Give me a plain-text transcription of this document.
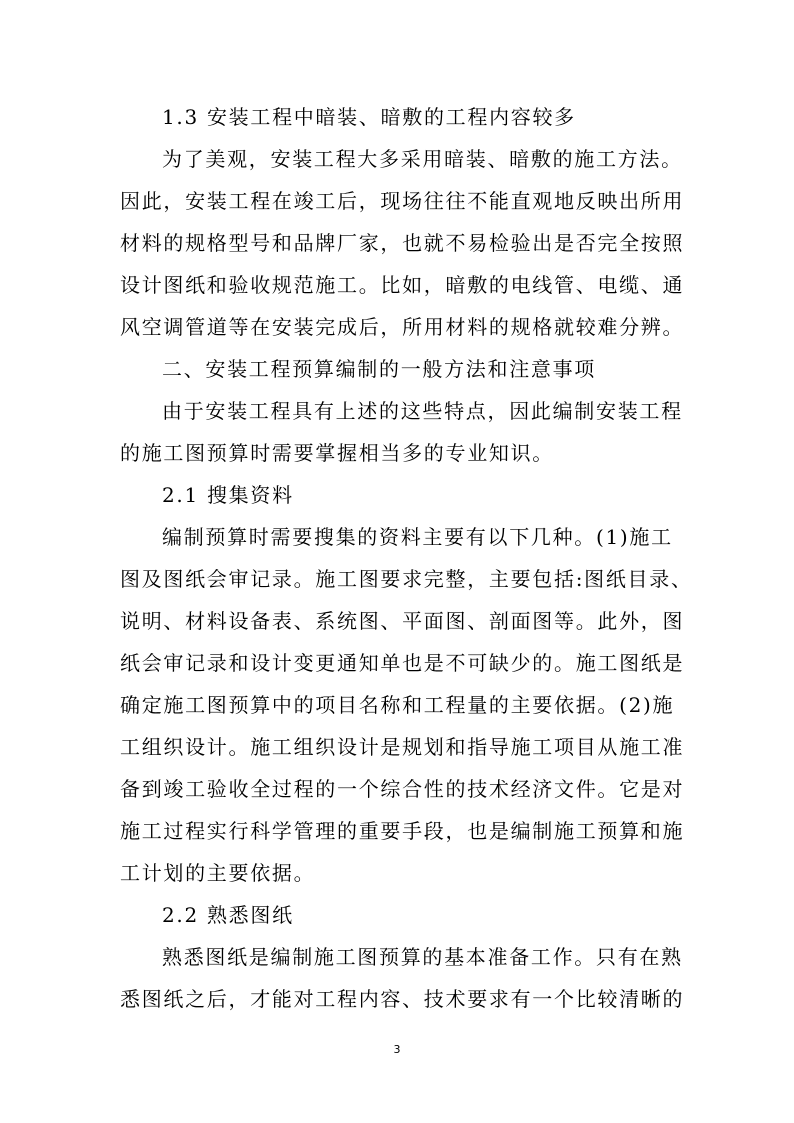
1.3 安装工程中暗装、暗敷的工程内容较多
为了美观，安装工程大多采用暗装、暗敷的施工方法。
因此，安装工程在竣工后，现场往往不能直观地反映出所用
材料的规格型号和品牌厂家，也就不易检验出是否完全按照
设计图纸和验收规范施工。比如，暗敷的电线管、电缆、通
风空调管道等在安装完成后，所用材料的规格就较难分辨。
二、安装工程预算编制的一般方法和注意事项
由于安装工程具有上述的这些特点，因此编制安装工程
的施工图预算时需要掌握相当多的专业知识。
2.1 搜集资料
编制预算时需要搜集的资料主要有以下几种。(1)施工
图及图纸会审记录。施工图要求完整，主要包括:图纸目录、
说明、材料设备表、系统图、平面图、剖面图等。此外，图
纸会审记录和设计变更通知单也是不可缺少的。施工图纸是
确定施工图预算中的项目名称和工程量的主要依据。(2)施
工组织设计。施工组织设计是规划和指导施工项目从施工准
备到竣工验收全过程的一个综合性的技术经济文件。它是对
施工过程实行科学管理的重要手段，也是编制施工预算和施
工计划的主要依据。
2.2 熟悉图纸
熟悉图纸是编制施工图预算的基本准备工作。只有在熟
悉图纸之后，才能对工程内容、技术要求有一个比较清晰的
3
